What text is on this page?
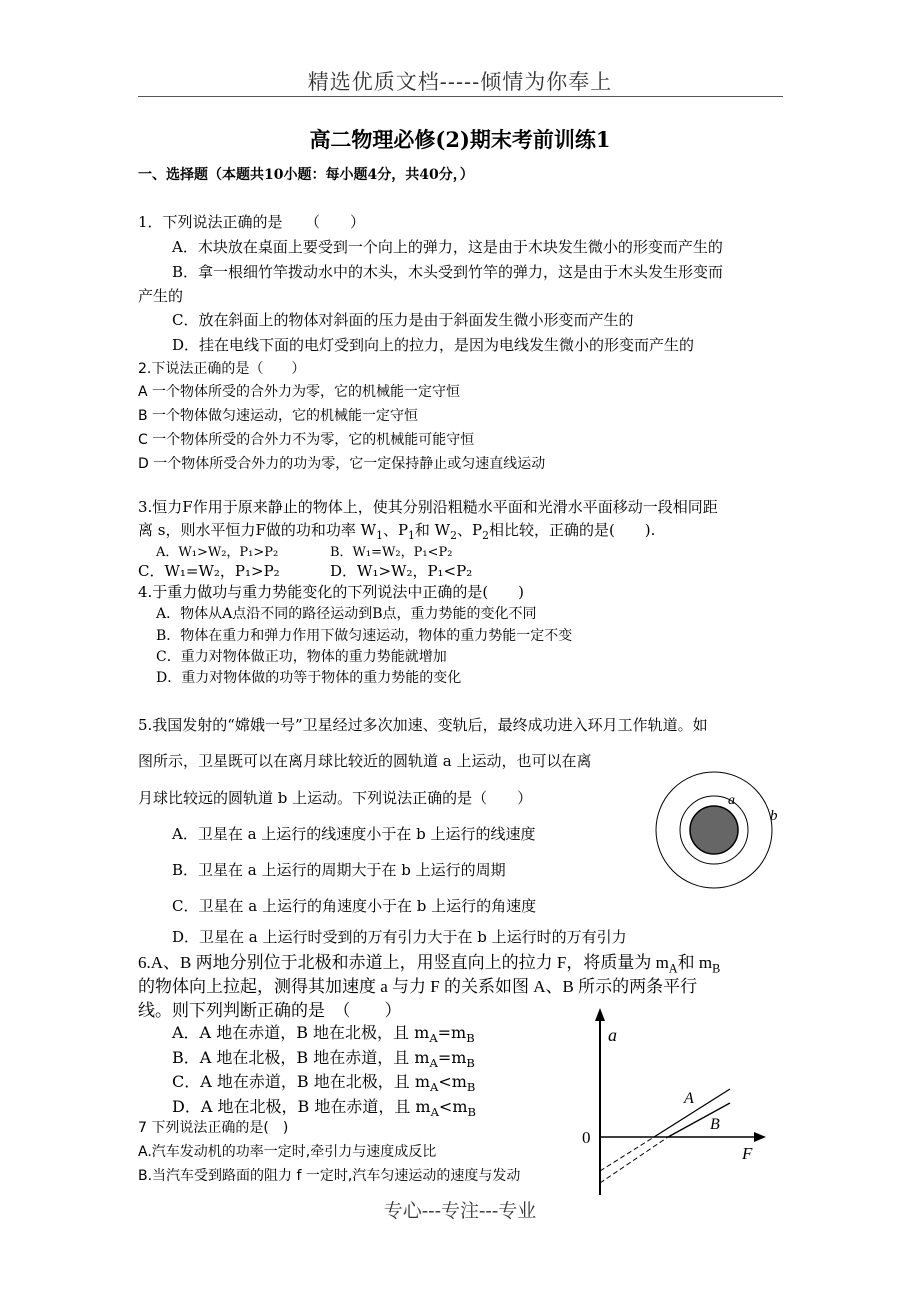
精选优质文档-----倾情为你奉上
高二物理必修(2)期末考前训练1
一、选择题（本题共10小题：每小题4分，共40分，）
1．下列说法正确的是　　（　　）
A．木块放在桌面上要受到一个向上的弹力，这是由于木块发生微小的形变而产生的
B．拿一根细竹竿拨动水中的木头，木头受到竹竿的弹力，这是由于木头发生形变而
产生的
C．放在斜面上的物体对斜面的压力是由于斜面发生微小形变而产生的
D．挂在电线下面的电灯受到向上的拉力，是因为电线发生微小的形变而产生的
2.下说法正确的是（　　）
A 一个物体所受的合外力为零，它的机械能一定守恒
B 一个物体做匀速运动，它的机械能一定守恒
C 一个物体所受的合外力不为零，它的机械能可能守恒
D 一个物体所受合外力的功为零，它一定保持静止或匀速直线运动
3.恒力F作用于原来静止的物体上，使其分别沿粗糙水平面和光滑水平面移动一段相同距
离 s，则水平恒力F做的功和功率 $W_1$、$P_1$和 $W_2$、$P_2$相比较，正确的是(　　).
A．W₁>W₂，P₁>P₂	B．W₁=W₂，P₁<P₂
C．W₁=W₂，P₁>P₂	D．W₁>W₂，P₁<P₂
4.于重力做功与重力势能变化的下列说法中正确的是(　　)
A．物体从A点沿不同的路径运动到B点，重力势能的变化不同
B．物体在重力和弹力作用下做匀速运动，物体的重力势能一定不变
C．重力对物体做正功，物体的重力势能就增加
D．重力对物体做的功等于物体的重力势能的变化
5.我国发射的“嫦娥一号”卫星经过多次加速、变轨后，最终成功进入环月工作轨道。如
图所示，卫星既可以在离月球比较近的圆轨道 a 上运动，也可以在离
月球比较远的圆轨道 b 上运动。下列说法正确的是（　　）
A．卫星在 a 上运行的线速度小于在 b 上运行的线速度
B．卫星在 a 上运行的周期大于在 b 上运行的周期
C．卫星在 a 上运行的角速度小于在 b 上运行的角速度
D．卫星在 a 上运行时受到的万有引力大于在 b 上运行时的万有引力
a
b
6.A、B 两地分别位于北极和赤道上，用竖直向上的拉力 F，将质量为 $m_A$和 $m_B$
的物体向上拉起，测得其加速度 a 与力 F 的关系如图 A、B 所示的两条平行
线。则下列判断正确的是　（　　）
A．A 地在赤道，B 地在北极，且 $m_A=m_B$
B．A 地在北极，B 地在赤道，且 $m_A=m_B$
C．A 地在赤道，B 地在北极，且 $m_A<m_B$
D．A 地在北极，B 地在赤道，且 $m_A<m_B$
a
F
0
A
B
7 下列说法正确的是(　)
A.汽车发动机的功率一定时,牵引力与速度成反比
B.当汽车受到路面的阻力 f 一定时,汽车匀速运动的速度与发动
专心---专注---专业
